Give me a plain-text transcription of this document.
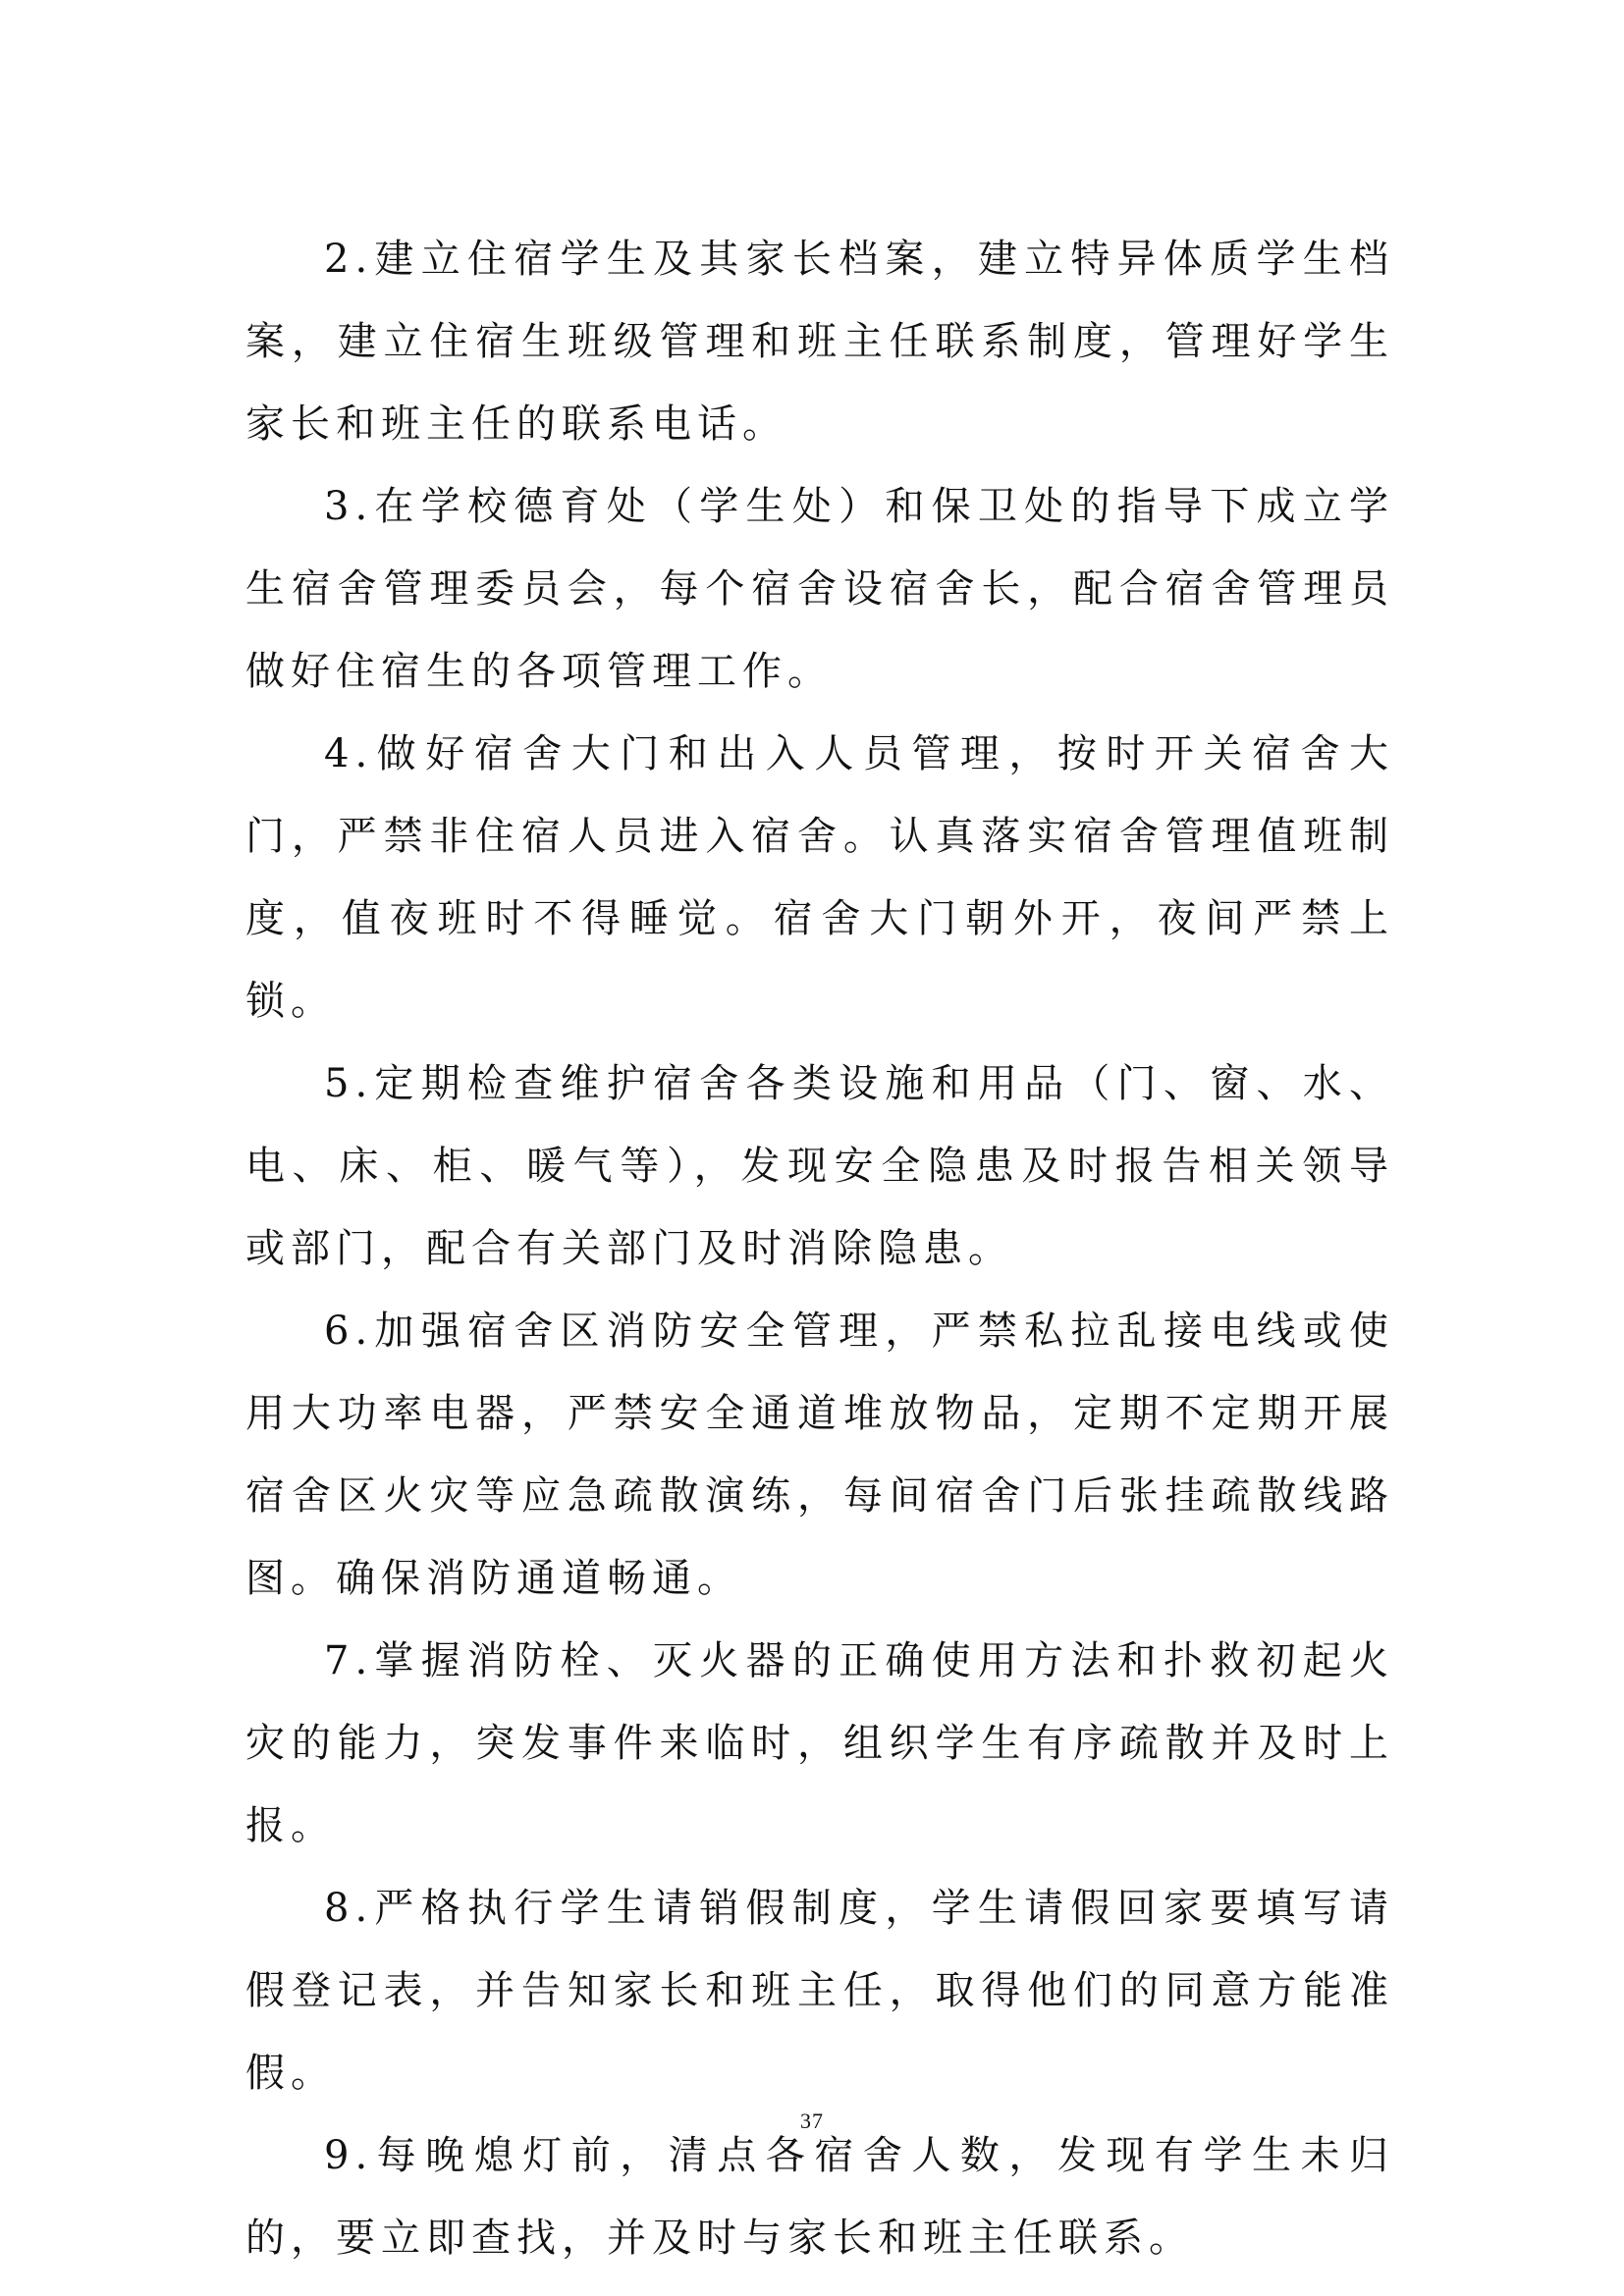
2.建立住宿学生及其家长档案，建立特异体质学生档案，建立住宿生班级管理和班主任联系制度，管理好学生家长和班主任的联系电话。

3.在学校德育处（学生处）和保卫处的指导下成立学生宿舍管理委员会，每个宿舍设宿舍长，配合宿舍管理员做好住宿生的各项管理工作。

4.做好宿舍大门和出入人员管理，按时开关宿舍大门，严禁非住宿人员进入宿舍。认真落实宿舍管理值班制度，值夜班时不得睡觉。宿舍大门朝外开，夜间严禁上锁。

5.定期检查维护宿舍各类设施和用品（门、窗、水、电、床、柜、暖气等），发现安全隐患及时报告相关领导或部门，配合有关部门及时消除隐患。

6.加强宿舍区消防安全管理，严禁私拉乱接电线或使用大功率电器，严禁安全通道堆放物品，定期不定期开展宿舍区火灾等应急疏散演练，每间宿舍门后张挂疏散线路图。确保消防通道畅通。

7.掌握消防栓、灭火器的正确使用方法和扑救初起火灾的能力，突发事件来临时，组织学生有序疏散并及时上报。

8.严格执行学生请销假制度，学生请假回家要填写请假登记表，并告知家长和班主任，取得他们的同意方能准假。

9.每晚熄灯前，清点各宿舍人数，发现有学生未归的，要立即查找，并及时与家长和班主任联系。

37
